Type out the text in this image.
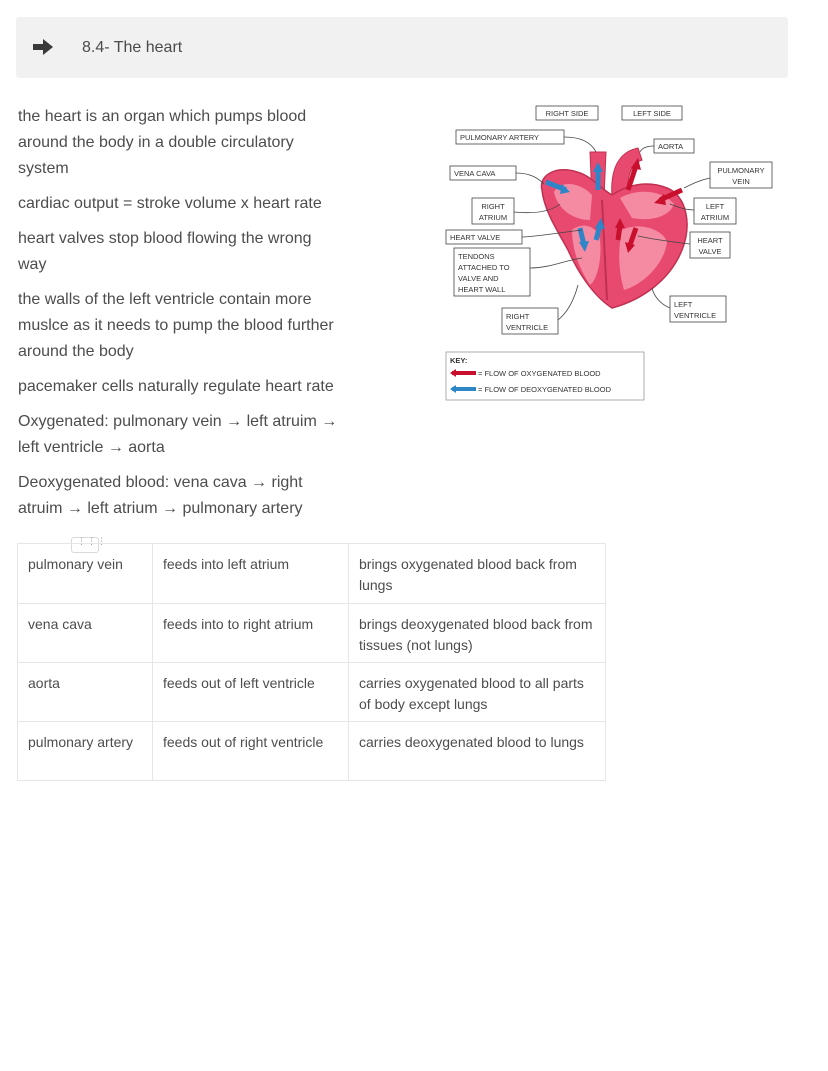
8.4- The heart
the heart is an organ which pumps blood
around the body in a double circulatory
system
cardiac output = stroke volume x heart rate
heart valves stop blood flowing the wrong
way
the walls of the left ventricle contain more
muslce as it needs to pump the blood further
around the body
pacemaker cells naturally regulate heart rate
Oxygenated: pulmonary vein → left atruim →
left ventricle → aorta
Deoxygenated blood: vena cava → right
atruim → left atrium → pulmonary artery
RIGHT SIDE	LEFT SIDE
PULMONARY ARTERY
AORTA
VENA CAVA	PULMONARY
VEIN
RIGHT
ATRIUM
LEFT
ATRIUM
HEART VALVE	HEART
VALVE
TENDONS
ATTACHED TO
VALVE AND
HEART WALL
RIGHT
VENTRICLE
LEFT
VENTRICLE
KEY:
= FLOW OF OXYGENATED BLOOD
= FLOW OF DEOXYGENATED BLOOD
⋮⋮⋮
pulmonary vein	feeds into left atrium	brings oxygenated blood back from lungs
vena cava	feeds into to right atrium	brings deoxygenated blood back from tissues (not lungs)
aorta	feeds out of left ventricle	carries oxygenated blood to all parts of body except lungs
pulmonary artery	feeds out of right ventricle	carries deoxygenated blood to lungs
